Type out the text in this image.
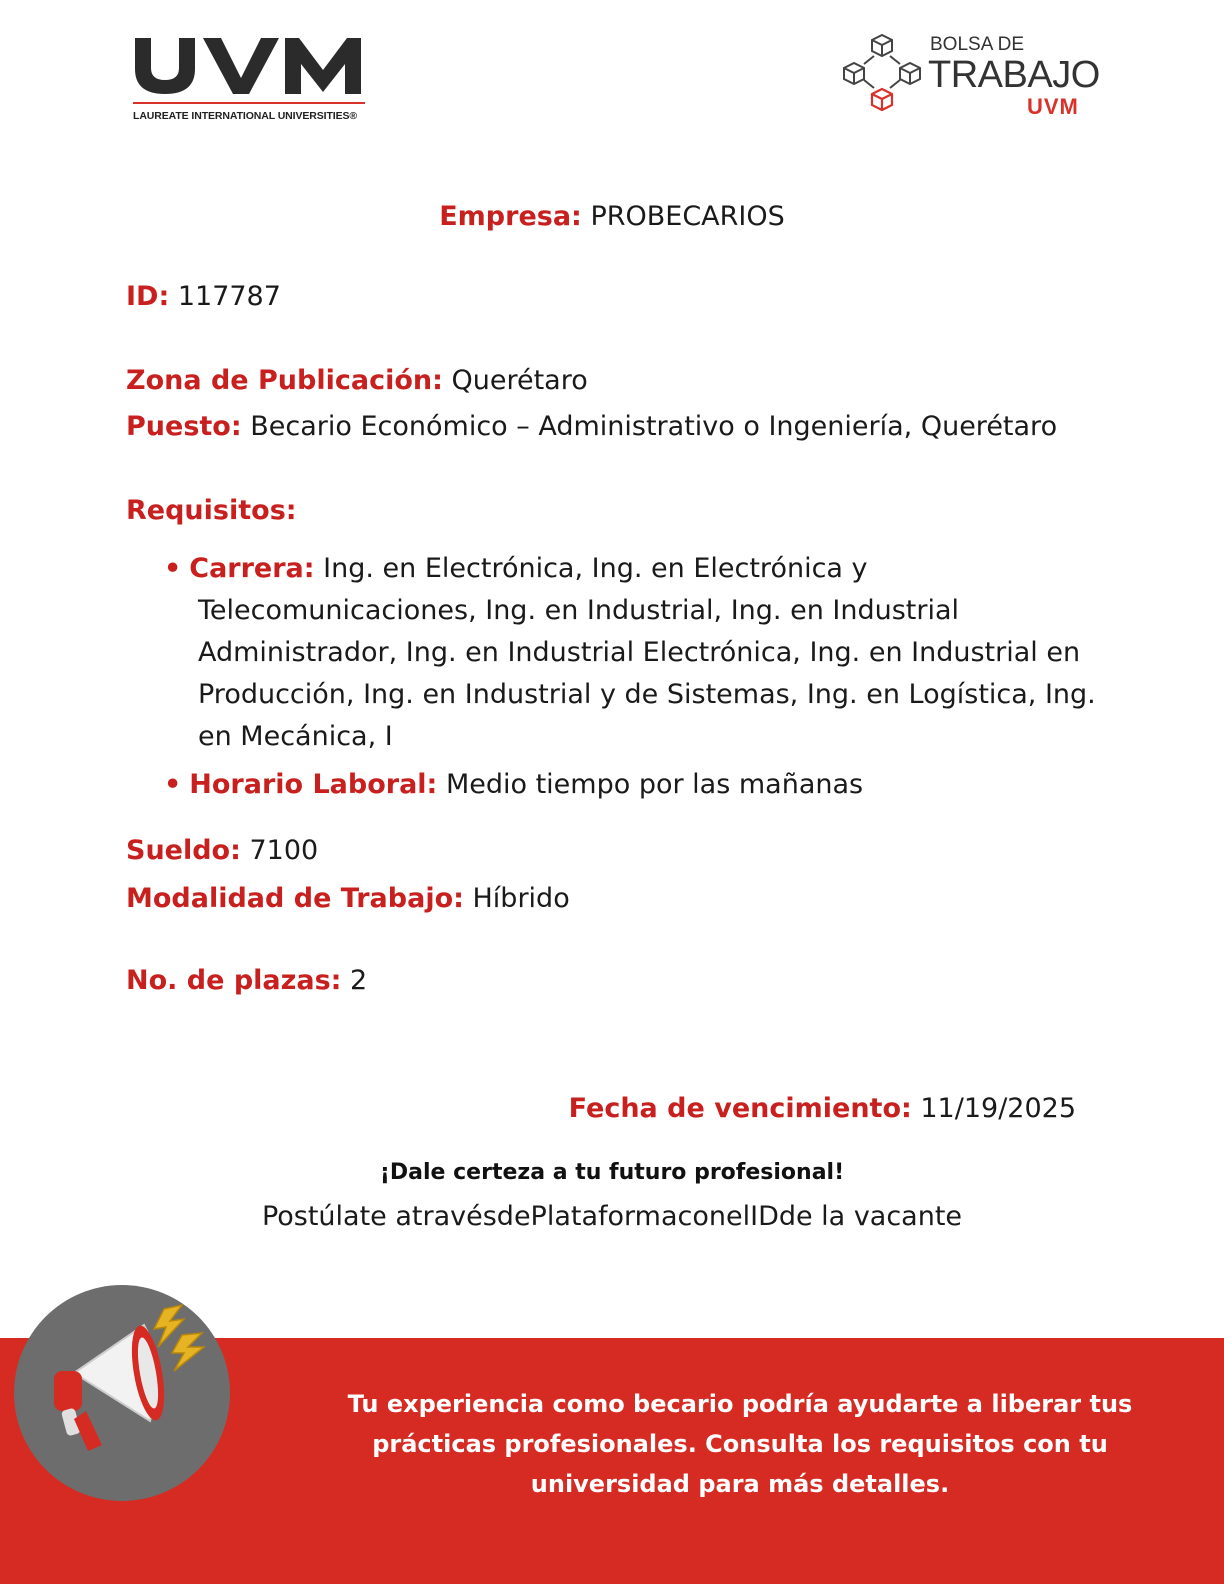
LAUREATE INTERNATIONAL UNIVERSITIES®
BOLSA DE
TRABAJO
UVM
Empresa: PROBECARIOS
ID: 117787
Zona de Publicación: Querétaro
Puesto: Becario Económico – Administrativo o Ingeniería, Querétaro
Requisitos:
• Carrera: Ing. en Electrónica, Ing. en Electrónica y
Telecomunicaciones, Ing. en Industrial, Ing. en Industrial Administrador, Ing. en Industrial Electrónica, Ing. en Industrial en Producción, Ing. en Industrial y de Sistemas, Ing. en Logística, Ing. en Mecánica, I
• Horario Laboral: Medio tiempo por las mañanas
Sueldo: 7100
Modalidad de Trabajo: Híbrido
No. de plazas: 2
Fecha de vencimiento: 11/19/2025
¡Dale certeza a tu futuro profesional!
Postúlate atravésdePlataformaconelIDde la vacante
Tu experiencia como becario podría ayudarte a liberar tus prácticas profesionales. Consulta los requisitos con tu universidad para más detalles.
